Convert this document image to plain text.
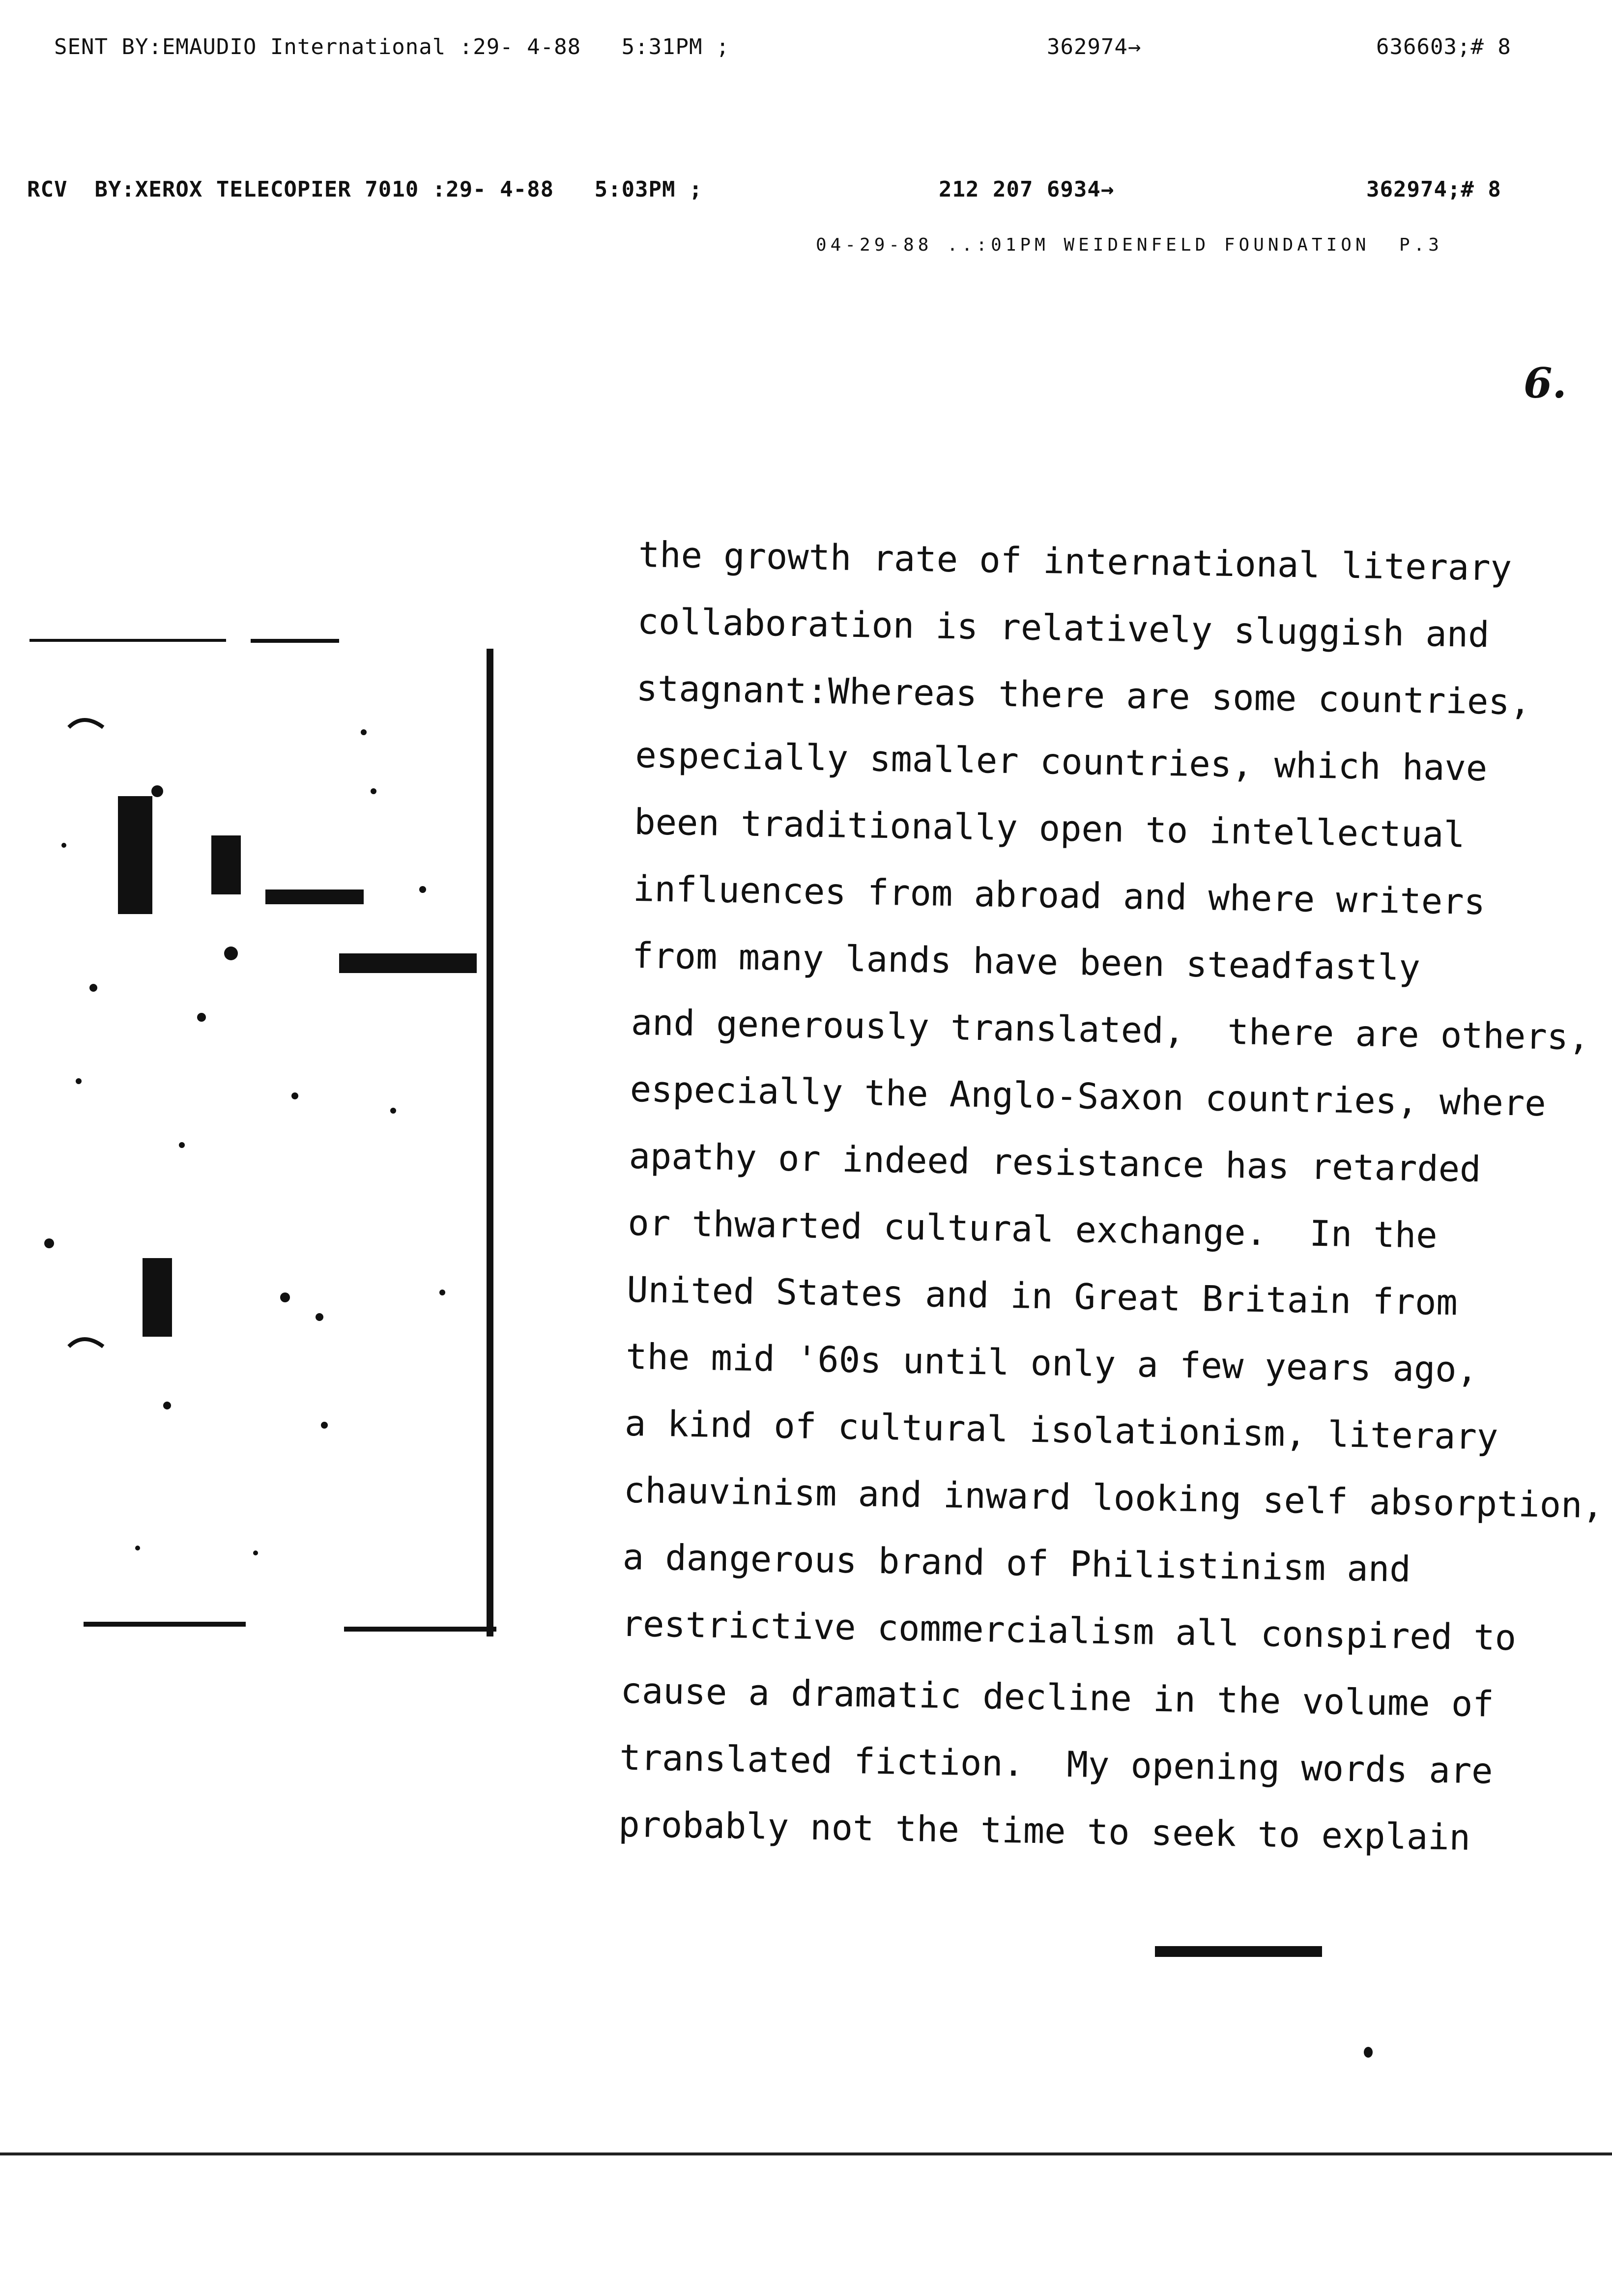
SENT BY:EMAUDIO International :29- 4-88   5:31PM ;	362974→	636603;# 8
RCV  BY:XEROX TELECOPIER 7010 :29- 4-88   5:03PM ;	212 207 6934→	362974;# 8
04-29-88 ..:01PM WEIDENFELD FOUNDATION  P.3
6.
the growth rate of international literary
collaboration is relatively sluggish and
stagnant:Whereas there are some countries,
especially smaller countries, which have
been traditionally open to intellectual
influences from abroad and where writers
from many lands have been steadfastly
and generously translated,  there are others,
especially the Anglo-Saxon countries, where
apathy or indeed resistance has retarded
or thwarted cultural exchange.  In the
United States and in Great Britain from
the mid '60s until only a few years ago,
a kind of cultural isolationism, literary
chauvinism and inward looking self absorption,
a dangerous brand of Philistinism and
restrictive commercialism all conspired to
cause a dramatic decline in the volume of
translated fiction.  My opening words are
probably not the time to seek to explain
